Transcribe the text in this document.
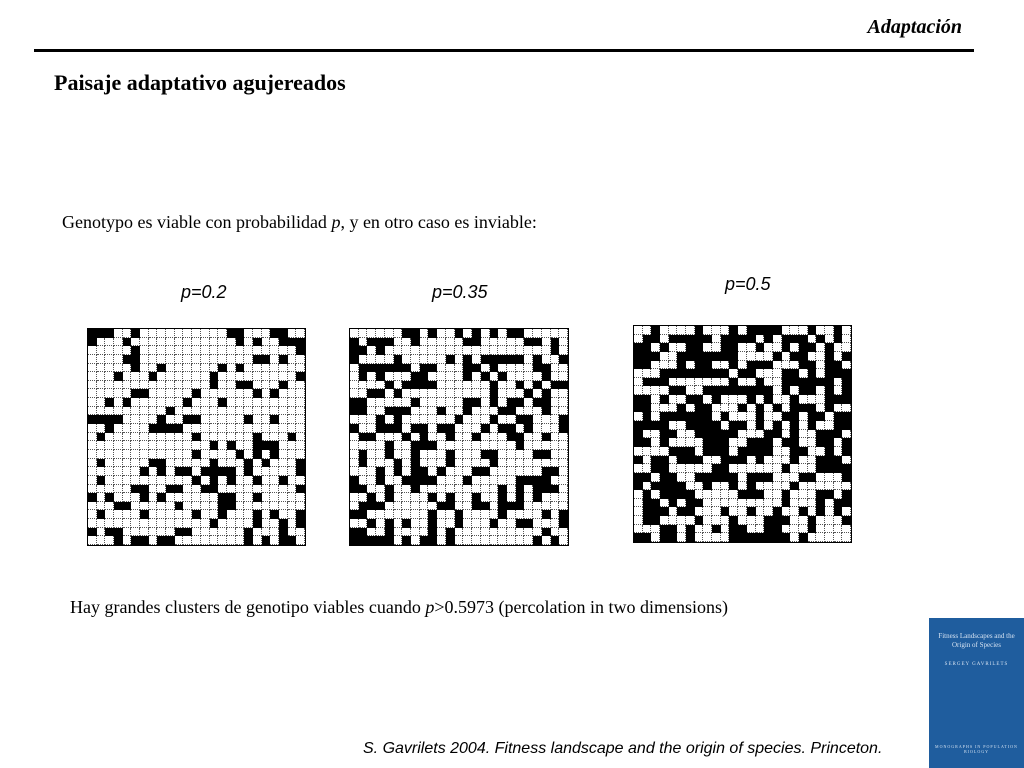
Adaptación
Paisaje adaptativo agujereados
Genotypo es viable con probabilidad p, y en otro caso es inviable:
p=0.2	p=0.35	p=0.5
Hay grandes clusters de genotipo viables cuando p>0.5973 (percolation in two dimensions)
S. Gavrilets 2004. Fitness landscape and the origin of species. Princeton.
Fitness Landscapes and the Origin of Species
SERGEY GAVRILETS
MONOGRAPHS IN POPULATION BIOLOGY
